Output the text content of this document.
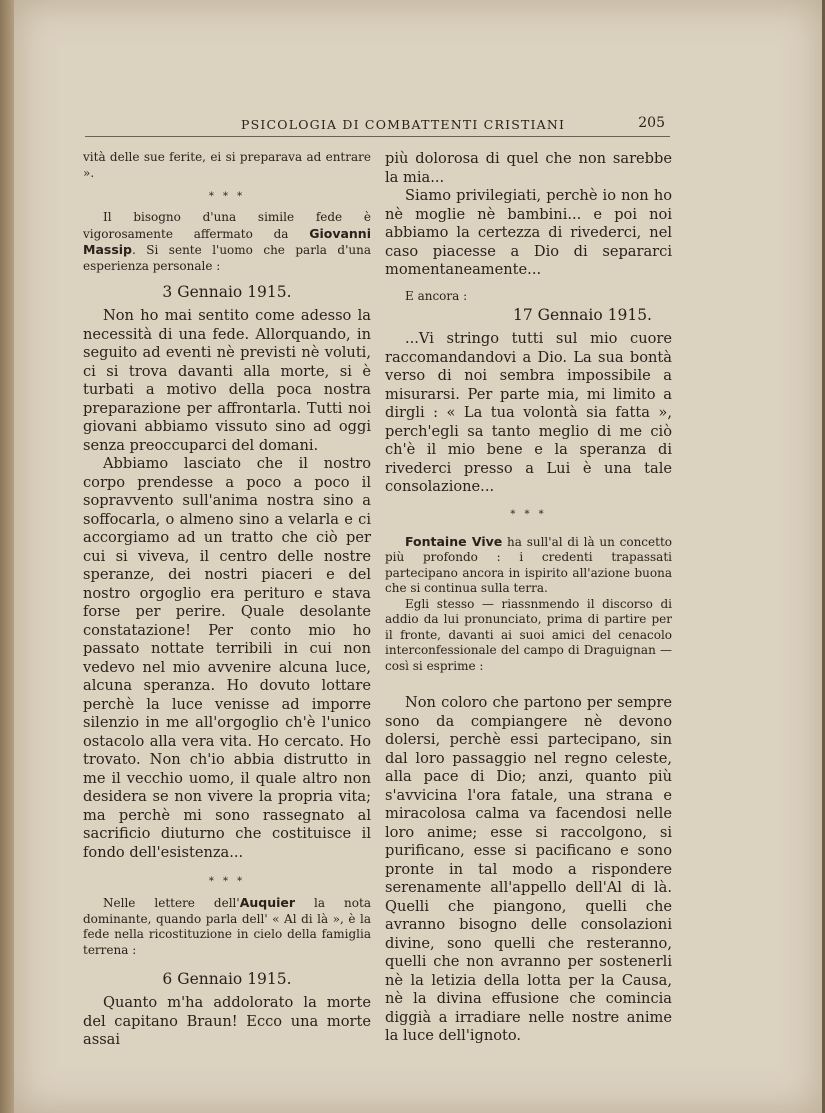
PSICOLOGIA DI COMBATTENTI CRISTIANI	205

vità delle sue ferite, ei si preparava ad entrare ».

* * *

Il bisogno d'una simile fede è vigorosamente affermato da Giovanni Massip. Si sente l'uomo che parla d'una esperienza personale :

3 Gennaio 1915.

Non ho mai sentito come adesso la necessità di una fede. Allorquando, in seguito ad eventi nè previsti nè voluti, ci si trova davanti alla morte, si è turbati a motivo della poca nostra preparazione per affrontarla. Tutti noi giovani abbiamo vissuto sino ad oggi senza preoccuparci del domani.

Abbiamo lasciato che il nostro corpo prendesse a poco a poco il sopravvento sull'anima nostra sino a soffocarla, o almeno sino a velarla e ci accorgiamo ad un tratto che ciò per cui si viveva, il centro delle nostre speranze, dei nostri piaceri e del nostro orgoglio era perituro e stava forse per perire. Quale desolante constatazione! Per conto mio ho passato nottate terribili in cui non vedevo nel mio avvenire alcuna luce, alcuna speranza. Ho dovuto lottare perchè la luce venisse ad imporre silenzio in me all'orgoglio ch'è l'unico ostacolo alla vera vita. Ho cercato. Ho trovato. Non ch'io abbia distrutto in me il vecchio uomo, il quale altro non desidera se non vivere la propria vita; ma perchè mi sono rassegnato al sacrificio diuturno che costituisce il fondo dell'esistenza...

* * *

Nelle lettere dell'Auquier la nota dominante, quando parla dell' « Al di là », è la fede nella ricostituzione in cielo della famiglia terrena :

6 Gennaio 1915.

Quanto m'ha addolorato la morte del capitano Braun! Ecco una morte assai

più dolorosa di quel che non sarebbe la mia...

Siamo privilegiati, perchè io non ho nè moglie nè bambini... e poi noi abbiamo la certezza di rivederci, nel caso piacesse a Dio di separarci momentaneamente...

E ancora :

17 Gennaio 1915.

...Vi stringo tutti sul mio cuore raccomandandovi a Dio. La sua bontà verso di noi sembra impossibile a misurarsi. Per parte mia, mi limito a dirgli : « La tua volontà sia fatta », perch'egli sa tanto meglio di me ciò ch'è il mio bene e la speranza di rivederci presso a Lui è una tale consolazione...

* * *

Fontaine Vive ha sull'al di là un concetto più profondo : i credenti trapassati partecipano ancora in ispirito all'azione buona che si continua sulla terra.

Egli stesso — riassnmendo il discorso di addio da lui pronunciato, prima di partire per il fronte, davanti ai suoi amici del cenacolo interconfessionale del campo di Draguignan — così si esprime :

Non coloro che partono per sempre sono da compiangere nè devono dolersi, perchè essi partecipano, sin dal loro passaggio nel regno celeste, alla pace di Dio; anzi, quanto più s'avvicina l'ora fatale, una strana e miracolosa calma va facendosi nelle loro anime; esse si raccolgono, si purificano, esse si pacificano e sono pronte in tal modo a rispondere serenamente all'appello dell'Al di là. Quelli che piangono, quelli che avranno bisogno delle consolazioni divine, sono quelli che resteranno, quelli che non avranno per sostenerli nè la letizia della lotta per la Causa, nè la divina effusione che comincia diggià a irradiare nelle nostre anime la luce dell'ignoto.
